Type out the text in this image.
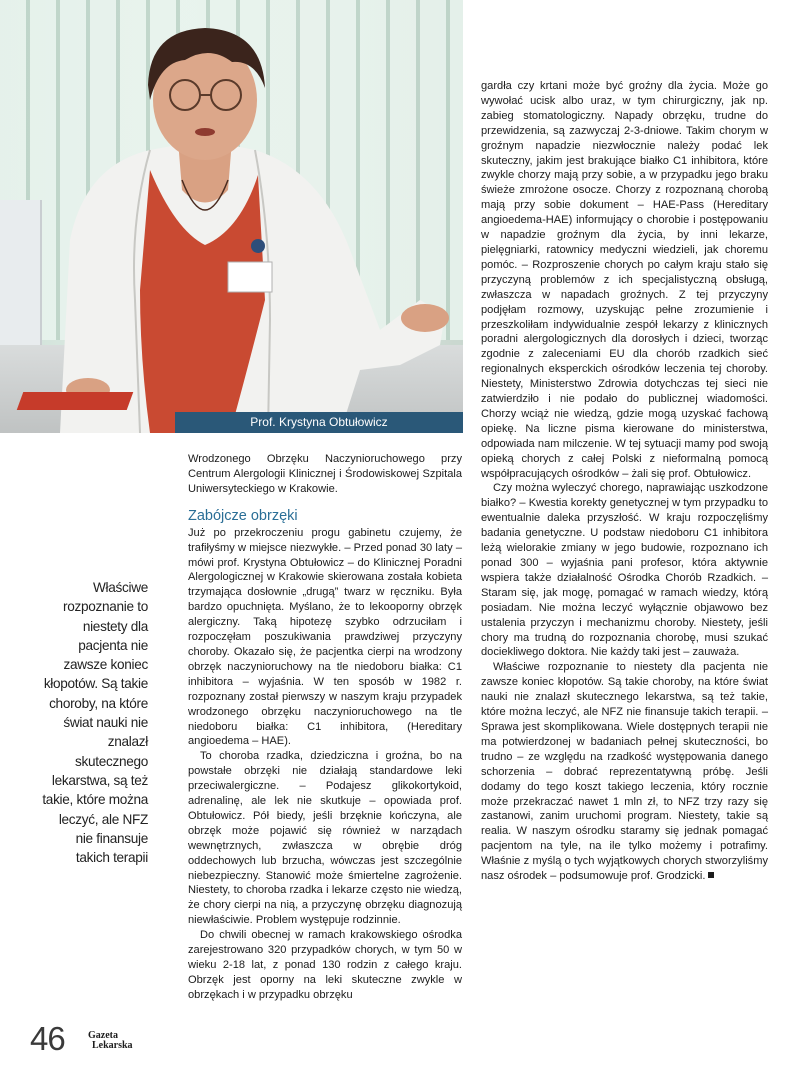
Prof. Krystyna Obtułowicz
Właściwe rozpoznanie to niestety dla pacjenta nie zawsze koniec kłopotów. Są takie choroby, na które świat nauki nie znalazł skutecznego lekarstwa, są też takie, które można leczyć, ale NFZ nie finansuje takich terapii

Wrodzonego Obrzęku Naczynioruchowego przy Centrum Alergologii Klinicznej i Środowiskowej Szpitala Uniwersyteckiego w Krakowie.

Zabójcze obrzęki

Już po przekroczeniu progu gabinetu czujemy, że trafiłyśmy w miejsce niezwykłe. – Przed ponad 30 laty – mówi prof. Krystyna Obtułowicz – do Klinicznej Poradni Alergologicznej w Krakowie skierowana została kobieta trzymająca dosłownie „drugą” twarz w ręczniku. Była bardzo opuchnięta. Myślano, że to lekooporny obrzęk alergiczny. Taką hipotezę szybko odrzuciłam i rozpoczęłam poszukiwania prawdziwej przyczyny choroby. Okazało się, że pacjentka cierpi na wrodzony obrzęk naczynioruchowy na tle niedoboru białka: C1 inhibitora – wyjaśnia. W ten sposób w 1982 r. rozpoznany został pierwszy w naszym kraju przypadek wrodzonego obrzęku naczynioruchowego na tle niedoboru białka: C1 inhibitora, (Hereditary angioedema – HAE).

To choroba rzadka, dziedziczna i groźna, bo na powstałe obrzęki nie działają standardowe leki przeciwalergiczne. – Podajesz glikokortykoid, adrenalinę, ale lek nie skutkuje – opowiada prof. Obtułowicz. Pół biedy, jeśli brzęknie kończyna, ale obrzęk może pojawić się również w narządach wewnętrznych, zwłaszcza w obrębie dróg oddechowych lub brzucha, wówczas jest szczególnie niebezpieczny. Stanowić może śmiertelne zagrożenie. Niestety, to choroba rzadka i lekarze często nie wiedzą, że chory cierpi na nią, a przyczynę obrzęku diagnozują niewłaściwie. Problem występuje rodzinnie.

Do chwili obecnej w ramach krakowskiego ośrodka zarejestrowano 320 przypadków chorych, w tym 50 w wieku 2-18 lat, z ponad 130 rodzin z całego kraju. Obrzęk jest oporny na leki skuteczne zwykle w obrzękach i w przypadku obrzęku

gardła czy krtani może być groźny dla życia. Może go wywołać ucisk albo uraz, w tym chirurgiczny, jak np. zabieg stomatologiczny. Napady obrzęku, trudne do przewidzenia, są zazwyczaj 2-3-dniowe. Takim chorym w groźnym napadzie niezwłocznie należy podać lek skuteczny, jakim jest brakujące białko C1 inhibitora, które zwykle chorzy mają przy sobie, a w przypadku jego braku świeże zmrożone osocze. Chorzy z rozpoznaną chorobą mają przy sobie dokument – HAE-Pass (Hereditary angioedema-HAE) informujący o chorobie i postępowaniu w napadzie groźnym dla życia, by inni lekarze, pielęgniarki, ratownicy medyczni wiedzieli, jak choremu pomóc. – Rozproszenie chorych po całym kraju stało się przyczyną problemów z ich specjalistyczną obsługą, zwłaszcza w napadach groźnych. Z tej przyczyny podjęłam rozmowy, uzyskując pełne zrozumienie i przeszkoliłam indywidualnie zespół lekarzy z klinicznych poradni alergologicznych dla dorosłych i dzieci, tworząc zgodnie z zaleceniami EU dla chorób rzadkich sieć regionalnych eksperckich ośrodków leczenia tej choroby. Niestety, Ministerstwo Zdrowia dotychczas tej sieci nie zatwierdziło i nie podało do publicznej wiadomości. Chorzy wciąż nie wiedzą, gdzie mogą uzyskać fachową opiekę. Na liczne pisma kierowane do ministerstwa, odpowiada nam milczenie. W tej sytuacji mamy pod swoją opieką chorych z całej Polski z nieformalną pomocą współpracujących ośrodków – żali się prof. Obtułowicz.

Czy można wyleczyć chorego, naprawiając uszkodzone białko? – Kwestia korekty genetycznej w tym przypadku to ewentualnie daleka przyszłość. W kraju rozpoczęliśmy badania genetyczne. U podstaw niedoboru C1 inhibitora leżą wielorakie zmiany w jego budowie, rozpoznano ich ponad 300 – wyjaśnia pani profesor, która aktywnie wspiera także działalność Ośrodka Chorób Rzadkich. – Staram się, jak mogę, pomagać w ramach wiedzy, którą posiadam. Nie można leczyć wyłącznie objawowo bez ustalenia przyczyn i mechanizmu choroby. Niestety, jeśli chory ma trudną do rozpoznania chorobę, musi szukać dociekliwego doktora. Nie każdy taki jest – zauważa.

Właściwe rozpoznanie to niestety dla pacjenta nie zawsze koniec kłopotów. Są takie choroby, na które świat nauki nie znalazł skutecznego lekarstwa, są też takie, które można leczyć, ale NFZ nie finansuje takich terapii. – Sprawa jest skomplikowana. Wiele dostępnych terapii nie ma potwierdzonej w badaniach pełnej skuteczności, bo trudno – ze względu na rzadkość występowania danego schorzenia – dobrać reprezentatywną próbę. Jeśli dodamy do tego koszt takiego leczenia, który rocznie może przekraczać nawet 1 mln zł, to NFZ trzy razy się zastanowi, zanim uruchomi program. Niestety, takie są realia. W naszym ośrodku staramy się jednak pomagać pacjentom na tyle, na ile tylko możemy i potrafimy. Właśnie z myślą o tych wyjątkowych chorych stworzyliśmy nasz ośrodek – podsumowuje prof. Grodzicki.

46 Gazeta
Lekarska
